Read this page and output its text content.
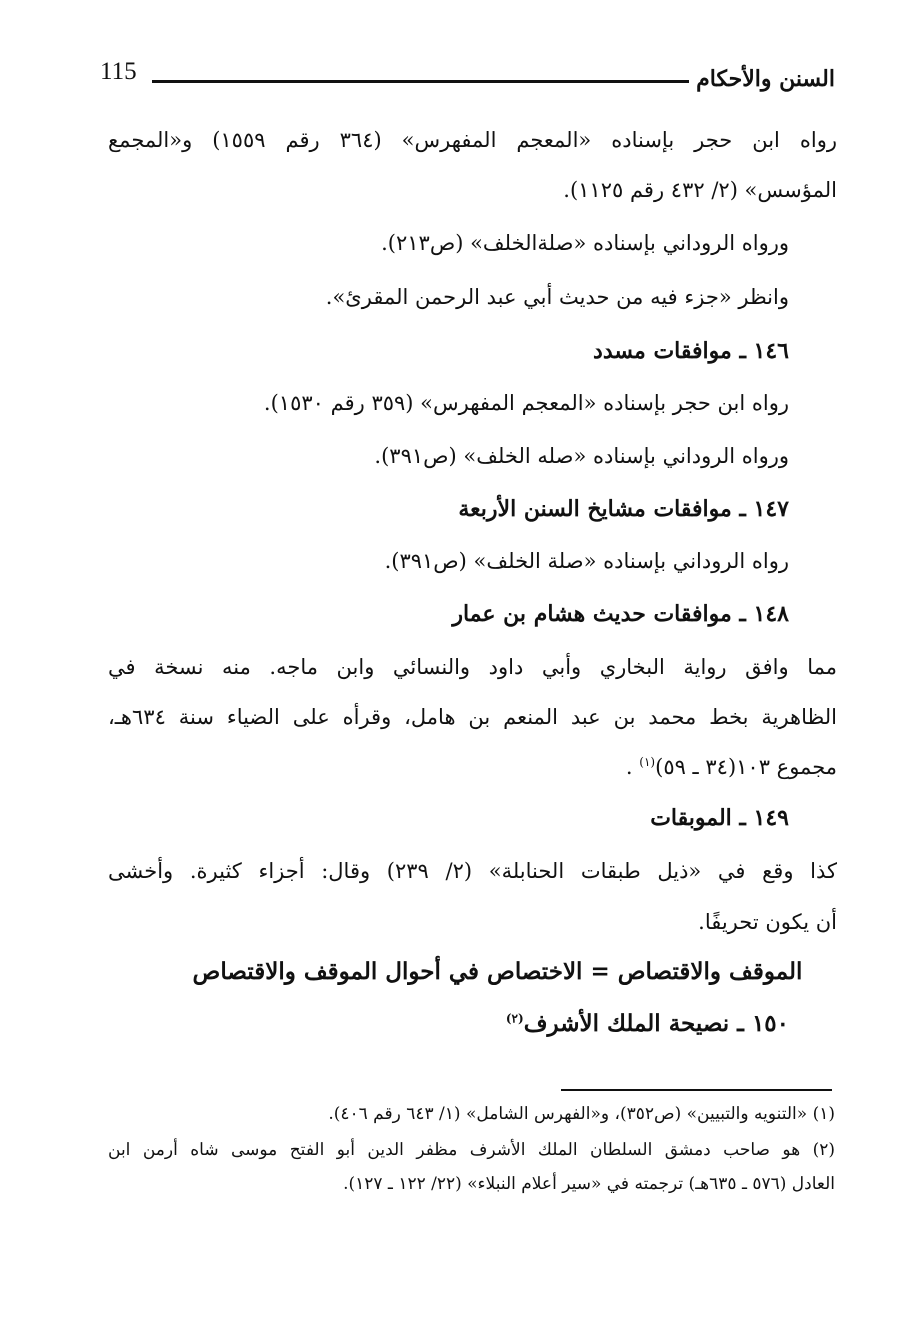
السنن والأحكام
115
رواه ابن حجر بإسناده «المعجم المفهرس» (٣٦٤ رقم ١٥٥٩) و«المجمع
المؤسس» (٢/ ٤٣٢ رقم ١١٢٥).
ورواه الروداني بإسناده «صلةالخلف» (ص٢١٣).
وانظر «جزء فيه من حديث أبي عبد الرحمن المقرئ».
١٤٦ ـ موافقات مسدد
رواه ابن حجر بإسناده «المعجم المفهرس» (٣٥٩ رقم ١٥٣٠).
ورواه الروداني بإسناده «صله الخلف» (ص٣٩١).
١٤٧ ـ موافقات مشايخ السنن الأربعة
رواه الروداني بإسناده «صلة الخلف» (ص٣٩١).
١٤٨ ـ موافقات حديث هشام بن عمار
مما وافق رواية البخاري وأبي داود والنسائي وابن ماجه. منه نسخة في
الظاهرية بخط محمد بن عبد المنعم بن هامل، وقرأه على الضياء سنة ٦٣٤هـ،
مجموع ١٠٣(٣٤ ـ ٥٩)$^{(١)}$ .
١٤٩ ـ الموبقات
كذا وقع في «ذيل طبقات الحنابلة» (٢/ ٢٣٩) وقال: أجزاء كثيرة. وأخشى
أن يكون تحريفًا.
الموقف والاقتصاص = الاختصاص في أحوال الموقف والاقتصاص
١٥٠ ـ نصيحة الملك الأشرف$^{(٢)}$
(١) «التنويه والتبيين» (ص٣٥٢)، و«الفهرس الشامل» (١/ ٦٤٣ رقم ٤٠٦).
(٢) هو صاحب دمشق السلطان الملك الأشرف مظفر الدين أبو الفتح موسى شاه أرمن ابن
العادل (٥٧٦ ـ ٦٣٥هـ) ترجمته في «سير أعلام النبلاء» (٢٢/ ١٢٢ ـ ١٢٧).
